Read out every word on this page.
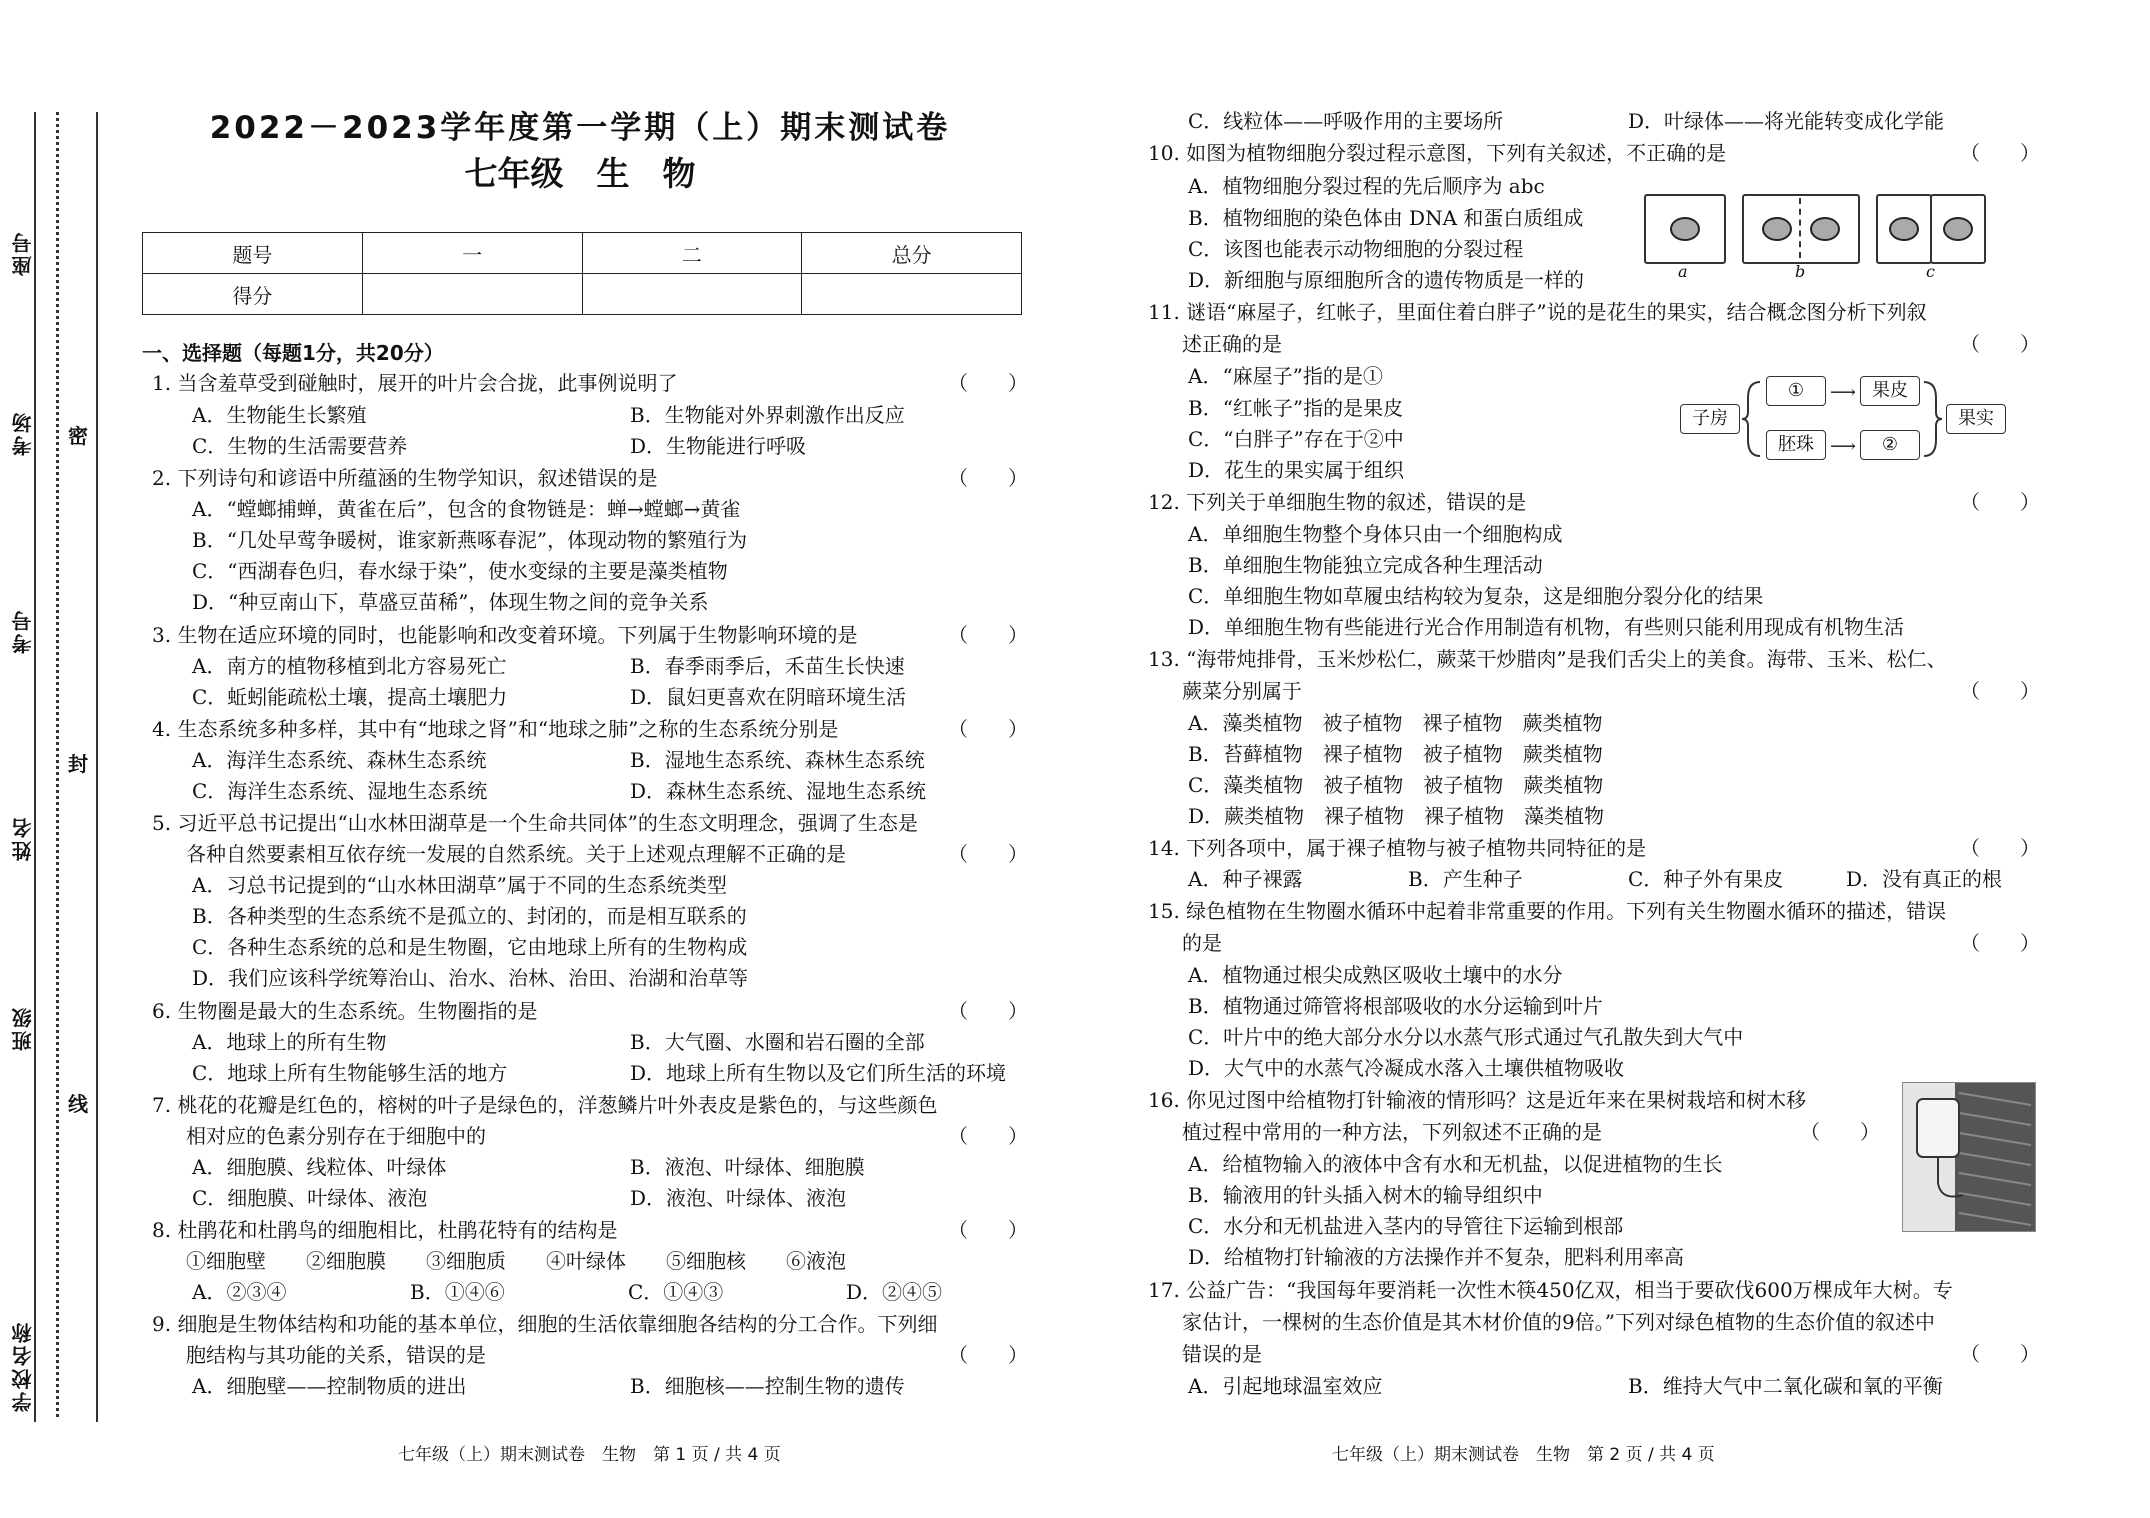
座号
考场
考号
姓名
班级
学校名称
密
封
线
2022－2023学年度第一学期（上）期末测试卷
七年级　生　物
题号	一	二	总分
得分			
一、选择题（每题1分，共20分）
1. 当含羞草受到碰触时，展开的叶片会合拢，此事例说明了	（　　）
A．生物能生长繁殖	B．生物能对外界刺激作出反应
C．生物的生活需要营养	D．生物能进行呼吸
2. 下列诗句和谚语中所蕴涵的生物学知识，叙述错误的是	（　　）
A．“螳螂捕蝉，黄雀在后”，包含的食物链是：蝉→螳螂→黄雀
B．“几处早莺争暖树，谁家新燕啄春泥”，体现动物的繁殖行为
C．“西湖春色归，春水绿于染”，使水变绿的主要是藻类植物
D．“种豆南山下，草盛豆苗稀”，体现生物之间的竞争关系
3. 生物在适应环境的同时，也能影响和改变着环境。下列属于生物影响环境的是	（　　）
A．南方的植物移植到北方容易死亡	B．春季雨季后，禾苗生长快速
C．蚯蚓能疏松土壤，提高土壤肥力	D．鼠妇更喜欢在阴暗环境生活
4. 生态系统多种多样，其中有“地球之肾”和“地球之肺”之称的生态系统分别是	（　　）
A．海洋生态系统、森林生态系统	B．湿地生态系统、森林生态系统
C．海洋生态系统、湿地生态系统	D．森林生态系统、湿地生态系统
5. 习近平总书记提出“山水林田湖草是一个生命共同体”的生态文明理念，强调了生态是
各种自然要素相互依存统一发展的自然系统。关于上述观点理解不正确的是	（　　）
A．习总书记提到的“山水林田湖草”属于不同的生态系统类型
B．各种类型的生态系统不是孤立的、封闭的，而是相互联系的
C．各种生态系统的总和是生物圈，它由地球上所有的生物构成
D．我们应该科学统筹治山、治水、治林、治田、治湖和治草等
6. 生物圈是最大的生态系统。生物圈指的是	（　　）
A．地球上的所有生物	B．大气圈、水圈和岩石圈的全部
C．地球上所有生物能够生活的地方	D．地球上所有生物以及它们所生活的环境
7. 桃花的花瓣是红色的，榕树的叶子是绿色的，洋葱鳞片叶外表皮是紫色的，与这些颜色
相对应的色素分别存在于细胞中的	（　　）
A．细胞膜、线粒体、叶绿体	B．液泡、叶绿体、细胞膜
C．细胞膜、叶绿体、液泡	D．液泡、叶绿体、液泡
8. 杜鹃花和杜鹃鸟的细胞相比，杜鹃花特有的结构是	（　　）
①细胞壁　　②细胞膜　　③细胞质　　④叶绿体　　⑤细胞核　　⑥液泡
A．②③④	B．①④⑥	C．①④③	D．②④⑤
9. 细胞是生物体结构和功能的基本单位，细胞的生活依靠细胞各结构的分工合作。下列细
胞结构与其功能的关系，错误的是	（　　）
A．细胞壁——控制物质的进出	B．细胞核——控制生物的遗传
七年级（上）期末测试卷　生物　第 1 页 / 共 4 页
C．线粒体——呼吸作用的主要场所	D．叶绿体——将光能转变成化学能
10. 如图为植物细胞分裂过程示意图，下列有关叙述，不正确的是	（　　）
A．植物细胞分裂过程的先后顺序为 abc
B．植物细胞的染色体由 DNA 和蛋白质组成
C．该图也能表示动物细胞的分裂过程
D．新细胞与原细胞所含的遗传物质是一样的	a	b	c
11. 谜语“麻屋子，红帐子，里面住着白胖子”说的是花生的果实，结合概念图分析下列叙
述正确的是	（　　）
A．“麻屋子”指的是①
B．“红帐子”指的是果皮
C．“白胖子”存在于②中
D．花生的果实属于组织
子房
①	⟶ 果皮
胚珠 ⟶	②
果实
12. 下列关于单细胞生物的叙述，错误的是	（　　）
A．单细胞生物整个身体只由一个细胞构成
B．单细胞生物能独立完成各种生理活动
C．单细胞生物如草履虫结构较为复杂，这是细胞分裂分化的结果
D．单细胞生物有些能进行光合作用制造有机物，有些则只能利用现成有机物生活
13. “海带炖排骨，玉米炒松仁，蕨菜干炒腊肉”是我们舌尖上的美食。海带、玉米、松仁、
蕨菜分别属于	（　　）
A．藻类植物　被子植物　裸子植物　蕨类植物
B．苔藓植物　裸子植物　被子植物　蕨类植物
C．藻类植物　被子植物　被子植物　蕨类植物
D．蕨类植物　裸子植物　裸子植物　藻类植物
14. 下列各项中，属于裸子植物与被子植物共同特征的是	（　　）
A．种子裸露	B．产生种子	C．种子外有果皮	D．没有真正的根
15. 绿色植物在生物圈水循环中起着非常重要的作用。下列有关生物圈水循环的描述，错误
的是	（　　）
A．植物通过根尖成熟区吸收土壤中的水分
B．植物通过筛管将根部吸收的水分运输到叶片
C．叶片中的绝大部分水分以水蒸气形式通过气孔散失到大气中
D．大气中的水蒸气冷凝成水落入土壤供植物吸收
16. 你见过图中给植物打针输液的情形吗？这是近年来在果树栽培和树木移
植过程中常用的一种方法，下列叙述不正确的是	（　　）
A．给植物输入的液体中含有水和无机盐，以促进植物的生长
B．输液用的针头插入树木的输导组织中
C．水分和无机盐进入茎内的导管往下运输到根部
D．给植物打针输液的方法操作并不复杂，肥料利用率高
17. 公益广告：“我国每年要消耗一次性木筷450亿双，相当于要砍伐600万棵成年大树。专
家估计，一棵树的生态价值是其木材价值的9倍。”下列对绿色植物的生态价值的叙述中
错误的是	（　　）
A．引起地球温室效应	B．维持大气中二氧化碳和氧的平衡
七年级（上）期末测试卷　生物　第 2 页 / 共 4 页
